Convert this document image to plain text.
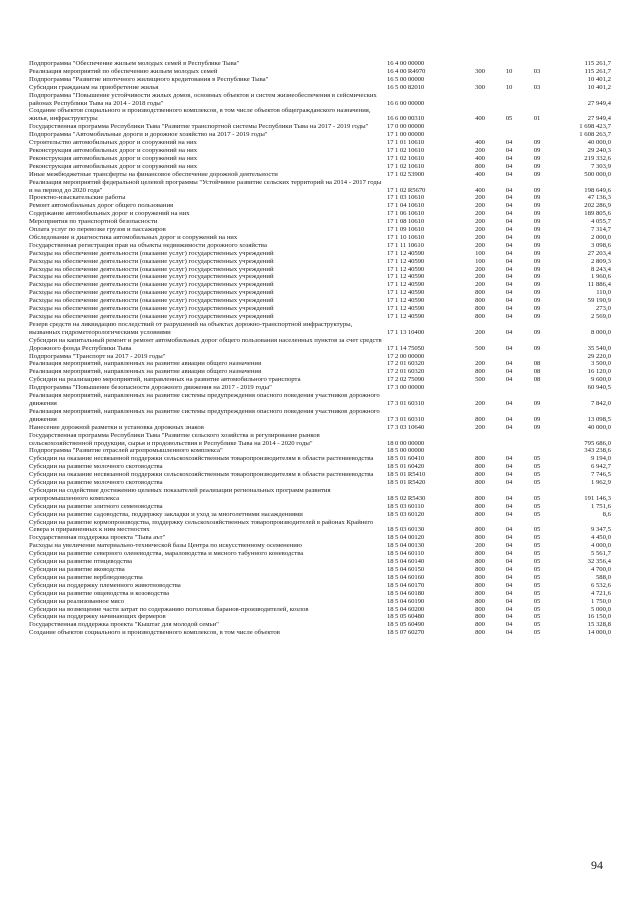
Подпрограмма "Обеспечение жильем молодых семей в Республике Тыва"	16 4 00 00000				115 261,7
Реализация мероприятий по обеспечению жильем молодых семей	16 4 00 R4970	300	10	03	115 261,7
Подпрограмма "Развитие ипотечного жилищного кредитования в Республике Тыва"	16 5 00 00000				10 401,2
Субсидии гражданам на приобретение жилья	16 5 00 82010	300	10	03	10 401,2
Подпрограмма "Повышение устойчивости жилых домов, основных объектов и систем жизнеобеспечения в сейсмических районах Республики Тыва на 2014 - 2018 годы"	16 6 00 00000				27 949,4
Создание объектов социального и производственного комплексов, в том числе объектов общегражданского назначения, жилья, инфраструктуры	16 6 00 00310	400	05	01	27 949,4
Государственная программа Республики Тыва "Развитие транспортной системы Республики Тыва на 2017 - 2019 годы"	17 0 00 00000				1 698 423,7
Подпрограмма "Автомобильные дороги и дорожное хозяйство на 2017 - 2019 годы"	17 1 00 00000				1 608 263,7
Строительство автомобильных дорог и сооружений на них	17 1 01 10610	400	04	09	40 000,0
Реконструкция автомобильных дорог и сооружений на них	17 1 02 10610	200	04	09	29 240,3
Реконструкция автомобильных дорог и сооружений на них	17 1 02 10610	400	04	09	219 332,6
Реконструкция автомобильных дорог и сооружений на них	17 1 02 10610	800	04	09	7 303,9
Иные межбюджетные трансферты на финансовое обеспечение дорожной деятельности	17 1 02 53900	400	04	09	500 000,0
Реализация мероприятий федеральной целевой программы "Устойчивое развитие сельских территорий на 2014 - 2017 годы и на период до 2020 года"	17 1 02 R5670	400	04	09	198 649,6
Проектно-изыскательские работы	17 1 03 10610	200	04	09	47 136,3
Ремонт автомобильных дорог общего пользования	17 1 04 10610	200	04	09	202 286,9
Содержание автомобильных дорог и сооружений на них	17 1 06 10610	200	04	09	189 805,6
Мероприятия по транспортной безопасности	17 1 08 10610	200	04	09	4 055,7
Оплата услуг по перевозке грузов и пассажиров	17 1 09 10610	200	04	09	7 314,7
Обследование и диагностика автомобильных дорог и сооружений на них	17 1 10 10610	200	04	09	2 000,0
Государственная регистрация прав на объекты недвижимости дорожного хозяйства	17 1 11 10610	200	04	09	3 098,6
Расходы на обеспечение деятельности (оказание услуг) государственных учреждений	17 1 12 40590	100	04	09	27 203,4
Расходы на обеспечение деятельности (оказание услуг) государственных учреждений	17 1 12 40590	100	04	09	2 809,3
Расходы на обеспечение деятельности (оказание услуг) государственных учреждений	17 1 12 40590	200	04	09	8 243,4
Расходы на обеспечение деятельности (оказание услуг) государственных учреждений	17 1 12 40590	200	04	09	1 960,6
Расходы на обеспечение деятельности (оказание услуг) государственных учреждений	17 1 12 40590	200	04	09	11 886,4
Расходы на обеспечение деятельности (оказание услуг) государственных учреждений	17 1 12 40590	800	04	09	110,0
Расходы на обеспечение деятельности (оказание услуг) государственных учреждений	17 1 12 40590	800	04	09	59 190,9
Расходы на обеспечение деятельности (оказание услуг) государственных учреждений	17 1 12 40590	800	04	09	273,0
Расходы на обеспечение деятельности (оказание услуг) государственных учреждений	17 1 12 40590	800	04	09	2 569,0
Резерв средств на ликвидацию последствий от разрушений на объектах дорожно-транспортной инфраструктуры, вызванных гидрометеорологическими условиями	17 1 13 10400	200	04	09	8 000,0
Субсидии на капитальный ремонт и ремонт автомобильных дорог общего пользования населенных пунктов за счет средств Дорожного фонда Республики Тыва	17 1 14 75050	500	04	09	35 540,0
Подпрограмма "Транспорт на 2017 - 2019 годы"	17 2 00 00000				29 220,0
Реализация мероприятий, направленных на развитие авиации общего назначения	17 2 01 60320	200	04	08	3 500,0
Реализация мероприятий, направленных на развитие авиации общего назначения	17 2 01 60320	800	04	08	16 120,0
Субсидии на реализацию мероприятий, направленных на развитие автомобильного транспорта	17 2 02 75090	500	04	08	9 600,0
Подпрограмма "Повышение безопасности дорожного движения на 2017 - 2019 годы"	17 3 00 00000				60 940,5
Реализация мероприятий, направленных на развитие системы предупреждения опасного поведения участников дорожного движения	17 3 01 60310	200	04	09	7 842,0
Реализация мероприятий, направленных на развитие системы предупреждения опасного поведения участников дорожного движения	17 3 01 60310	800	04	09	13 098,5
Нанесение дорожной разметки и установка дорожных знаков	17 3 03 10640	200	04	09	40 000,0
Государственная программа Республики Тыва "Развитие сельского хозяйства и регулирование рынков сельскохозяйственной продукции, сырья и продовольствия в Республике Тыва на 2014 - 2020 годы"	18 0 00 00000				795 686,0
Подпрограмма "Развитие отраслей агропромышленного комплекса"	18 5 00 00000				343 238,6
Субсидии на оказание несвязанной поддержки сельскохозяйственным товаропроизводителям в области растениеводства	18 5 01 60410	800	04	05	9 194,0
Субсидии на развитие молочного скотоводства	18 5 01 60420	800	04	05	6 942,7
Субсидии на оказание несвязанной поддержки сельскохозяйственным товаропроизводителям в области растениеводства	18 5 01 R5410	800	04	05	7 746,5
Субсидии на развитие молочного скотоводства	18 5 01 R5420	800	04	05	1 962,9
Субсидии на содействие достижению целевых показателей реализации региональных программ развития агропромышленного комплекса	18 5 02 R5430	800	04	05	191 146,3
Субсидии на развитие элитного семеноводства	18 5 03 60110	800	04	05	1 751,6
Субсидии на развитие садоводства, поддержку закладки и уход за многолетними насаждениями	18 5 03 60120	800	04	05	8,6
Субсидии на развитие кормопроизводства, поддержку сельскохозяйственных товаропроизводителей в районах Крайнего Севера и приравненных к ним местностях	18 5 03 60130	800	04	05	9 347,5
Государственная поддержка проекта "Тыва аът"	18 5 04 00120	800	04	05	4 450,0
Расходы на увеличение материально-технической базы Центра по искусственному осеменению	18 5 04 00130	200	04	05	4 000,0
Субсидии на развитие северного оленеводства, мараловодства и мясного табунного коневодства	18 5 04 60110	800	04	05	5 561,7
Субсидии на развитие птицеводства	18 5 04 60140	800	04	05	32 356,4
Субсидии на развитие яководства	18 5 04 60150	800	04	05	4 700,0
Субсидии на развитие верблюдоводства	18 5 04 60160	800	04	05	588,0
Субсидии на поддержку племенного животноводства	18 5 04 60170	800	04	05	6 532,6
Субсидии на развитие овцеводства и козоводства	18 5 04 60180	800	04	05	4 721,6
Субсидии на реализованное мясо	18 5 04 60190	800	04	05	1 750,0
Субсидии на возмещение части затрат по содержанию поголовья баранов-производителей, козлов	18 5 04 60200	800	04	05	5 000,0
Субсидии на поддержку начинающих фермеров	18 5 05 60480	800	04	05	16 150,0
Государственная поддержка проекта "Кыштаг для молодой семьи"	18 5 05 60490	800	04	05	15 328,8
Создание объектов социального и производственного комплексов, в том числе объектов	18 5 07 60270	800	04	05	14 000,0
94
